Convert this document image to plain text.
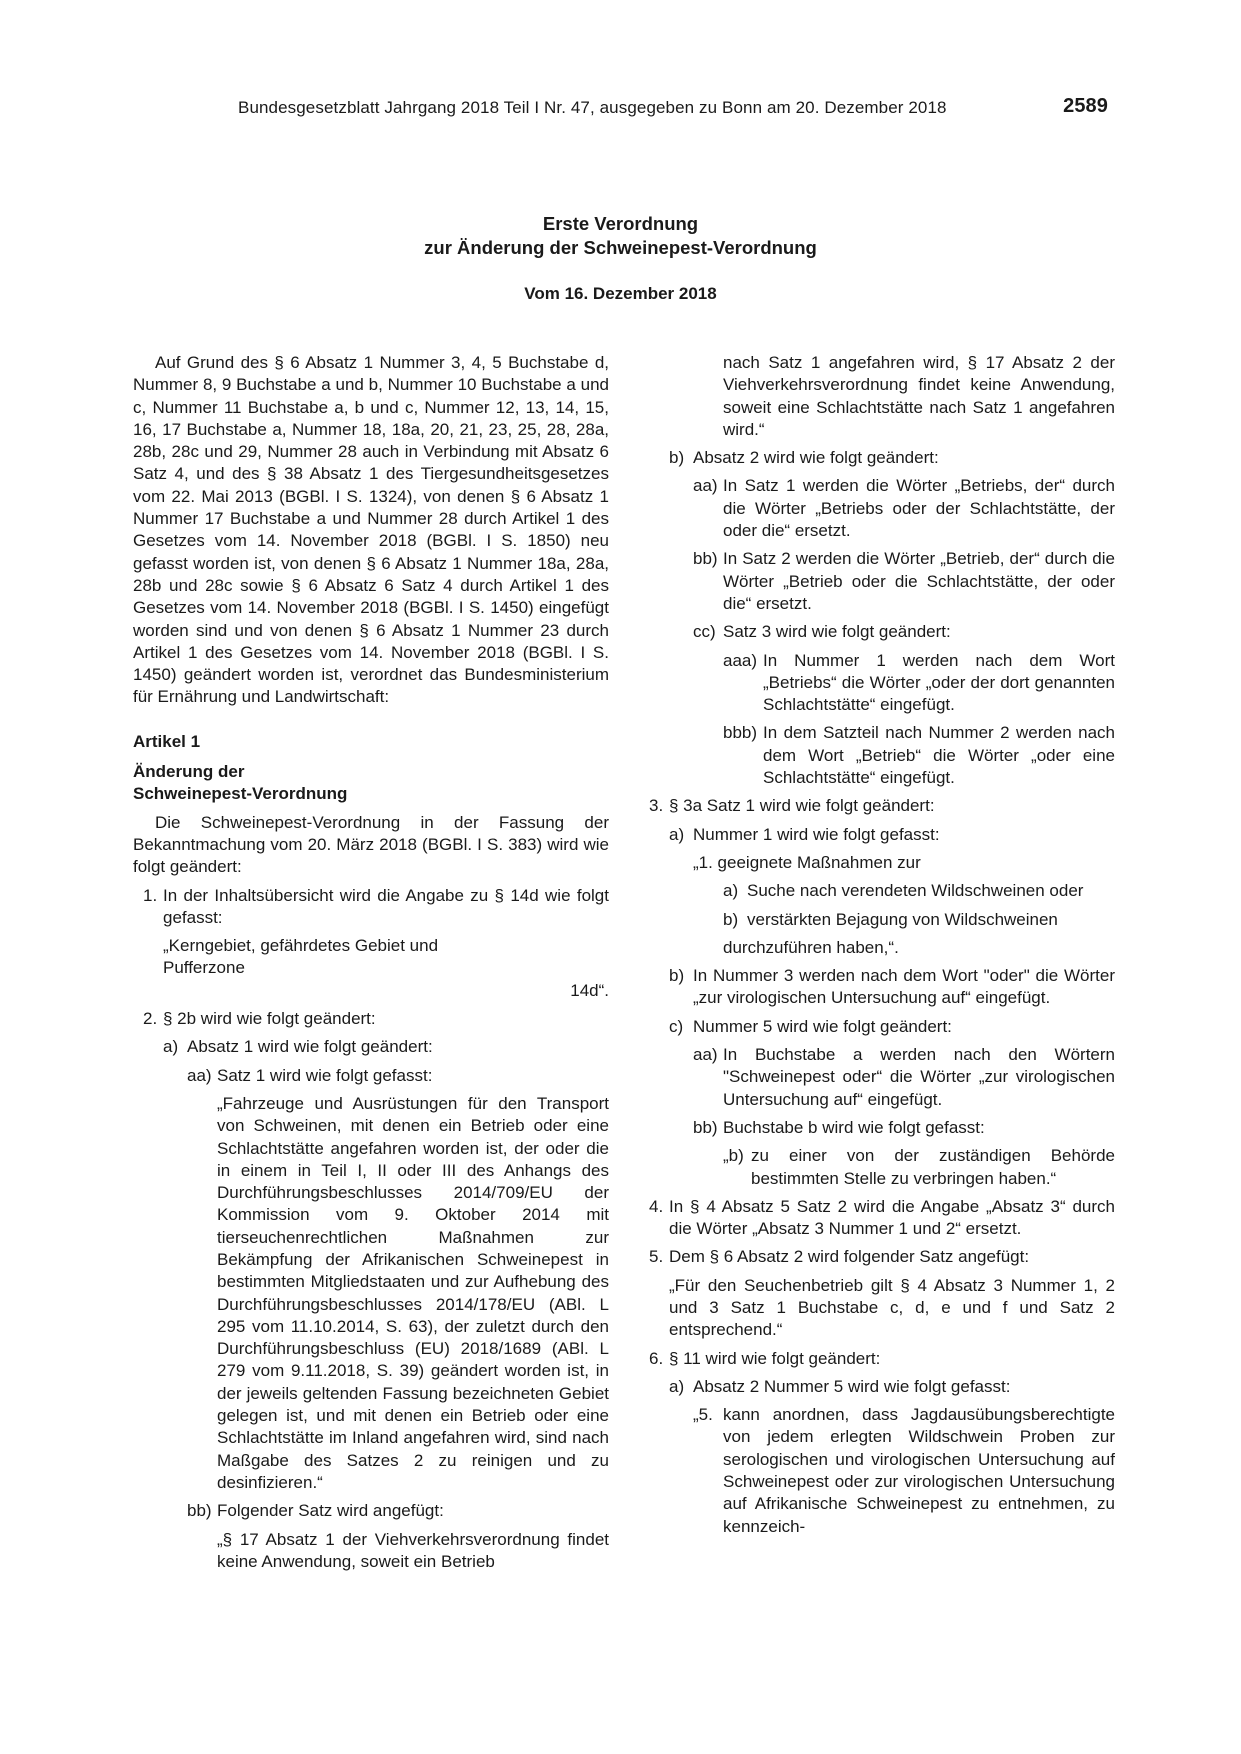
Bundesgesetzblatt Jahrgang 2018 Teil I Nr. 47, ausgegeben zu Bonn am 20. Dezember 2018	2589
Erste Verordnung
zur Änderung der Schweinepest-Verordnung
Vom 16. Dezember 2018

Auf Grund des § 6 Absatz 1 Nummer 3, 4, 5 Buchstabe d, Nummer 8, 9 Buchstabe a und b, Nummer 10 Buchstabe a und c, Nummer 11 Buchstabe a, b und c, Nummer 12, 13, 14, 15, 16, 17 Buchstabe a, Nummer 18, 18a, 20, 21, 23, 25, 28, 28a, 28b, 28c und 29, Nummer 28 auch in Verbindung mit Absatz 6 Satz 4, und des § 38 Absatz 1 des Tiergesundheitsgesetzes vom 22. Mai 2013 (BGBl. I S. 1324), von denen § 6 Absatz 1 Nummer 17 Buchstabe a und Nummer 28 durch Artikel 1 des Gesetzes vom 14. November 2018 (BGBl. I S. 1850) neu gefasst worden ist, von denen § 6 Absatz 1 Nummer 18a, 28a, 28b und 28c sowie § 6 Absatz 6 Satz 4 durch Artikel 1 des Gesetzes vom 14. November 2018 (BGBl. I S. 1450) eingefügt worden sind und von denen § 6 Absatz 1 Nummer 23 durch Artikel 1 des Gesetzes vom 14. November 2018 (BGBl. I S. 1450) geändert worden ist, verordnet das Bundesministerium für Ernährung und Landwirtschaft:

Artikel 1

Änderung der

Schweinepest-Verordnung

Die Schweinepest-Verordnung in der Fassung der Bekanntmachung vom 20. März 2018 (BGBl. I S. 383) wird wie folgt geändert:

1. In der Inhaltsübersicht wird die Angabe zu § 14d wie folgt gefasst:
„Kerngebiet, gefährdetes Gebiet und Pufferzone
14d“.
2. § 2b wird wie folgt geändert:
a) Absatz 1 wird wie folgt geändert:
aa) Satz 1 wird wie folgt gefasst:

„Fahrzeuge und Ausrüstungen für den Transport von Schweinen, mit denen ein Betrieb oder eine Schlachtstätte angefahren worden ist, der oder die in einem in Teil I, II oder III des Anhangs des Durchführungsbeschlusses 2014/709/EU der Kommission vom 9. Oktober 2014 mit tierseuchenrechtlichen Maßnahmen zur Bekämpfung der Afrikanischen Schweinepest in bestimmten Mitgliedstaaten und zur Aufhebung des Durchführungsbeschlusses 2014/178/EU (ABl. L 295 vom 11.10.2014, S. 63), der zuletzt durch den Durchführungsbeschluss (EU) 2018/1689 (ABl. L 279 vom 9.11.2018, S. 39) geändert worden ist, in der jeweils geltenden Fassung bezeichneten Gebiet gelegen ist, und mit denen ein Betrieb oder eine Schlachtstätte im Inland angefahren wird, sind nach Maßgabe des Satzes 2 zu reinigen und zu desinfizieren.“

bb) Folgender Satz wird angefügt:

„§ 17 Absatz 1 der Viehverkehrsverordnung findet keine Anwendung, soweit ein Betrieb

nach Satz 1 angefahren wird, § 17 Absatz 2 der Viehverkehrsverordnung findet keine Anwendung, soweit eine Schlachtstätte nach Satz 1 angefahren wird.“

b) Absatz 2 wird wie folgt geändert:
aa) In Satz 1 werden die Wörter „Betriebs, der“ durch die Wörter „Betriebs oder der Schlachtstätte, der oder die“ ersetzt.
bb) In Satz 2 werden die Wörter „Betrieb, der“ durch die Wörter „Betrieb oder die Schlachtstätte, der oder die“ ersetzt.
cc) Satz 3 wird wie folgt geändert:
aaa) In Nummer 1 werden nach dem Wort „Betriebs“ die Wörter „oder der dort genannten Schlachtstätte“ eingefügt.
bbb) In dem Satzteil nach Nummer 2 werden nach dem Wort „Betrieb“ die Wörter „oder eine Schlachtstätte“ eingefügt.
3. § 3a Satz 1 wird wie folgt geändert:
a) Nummer 1 wird wie folgt gefasst:

„1. geeignete Maßnahmen zur

a) Suche nach verendeten Wildschweinen oder
b) verstärkten Bejagung von Wildschweinen

durchzuführen haben,“.

b) In Nummer 3 werden nach dem Wort "oder" die Wörter „zur virologischen Untersuchung auf“ eingefügt.
c) Nummer 5 wird wie folgt geändert:
aa) In Buchstabe a werden nach den Wörtern "Schweinepest oder“ die Wörter „zur virologischen Untersuchung auf“ eingefügt.
bb) Buchstabe b wird wie folgt gefasst:
„b) zu einer von der zuständigen Behörde bestimmten Stelle zu verbringen haben.“
4. In § 4 Absatz 5 Satz 2 wird die Angabe „Absatz 3“ durch die Wörter „Absatz 3 Nummer 1 und 2“ ersetzt.
5. Dem § 6 Absatz 2 wird folgender Satz angefügt:

„Für den Seuchenbetrieb gilt § 4 Absatz 3 Nummer 1, 2 und 3 Satz 1 Buchstabe c, d, e und f und Satz 2 entsprechend.“

6. § 11 wird wie folgt geändert:
a) Absatz 2 Nummer 5 wird wie folgt gefasst:
„5. kann anordnen, dass Jagdausübungsberechtigte von jedem erlegten Wildschwein Proben zur serologischen und virologischen Untersuchung auf Schweinepest oder zur virologischen Untersuchung auf Afrikanische Schweinepest zu entnehmen, zu kennzeich-
